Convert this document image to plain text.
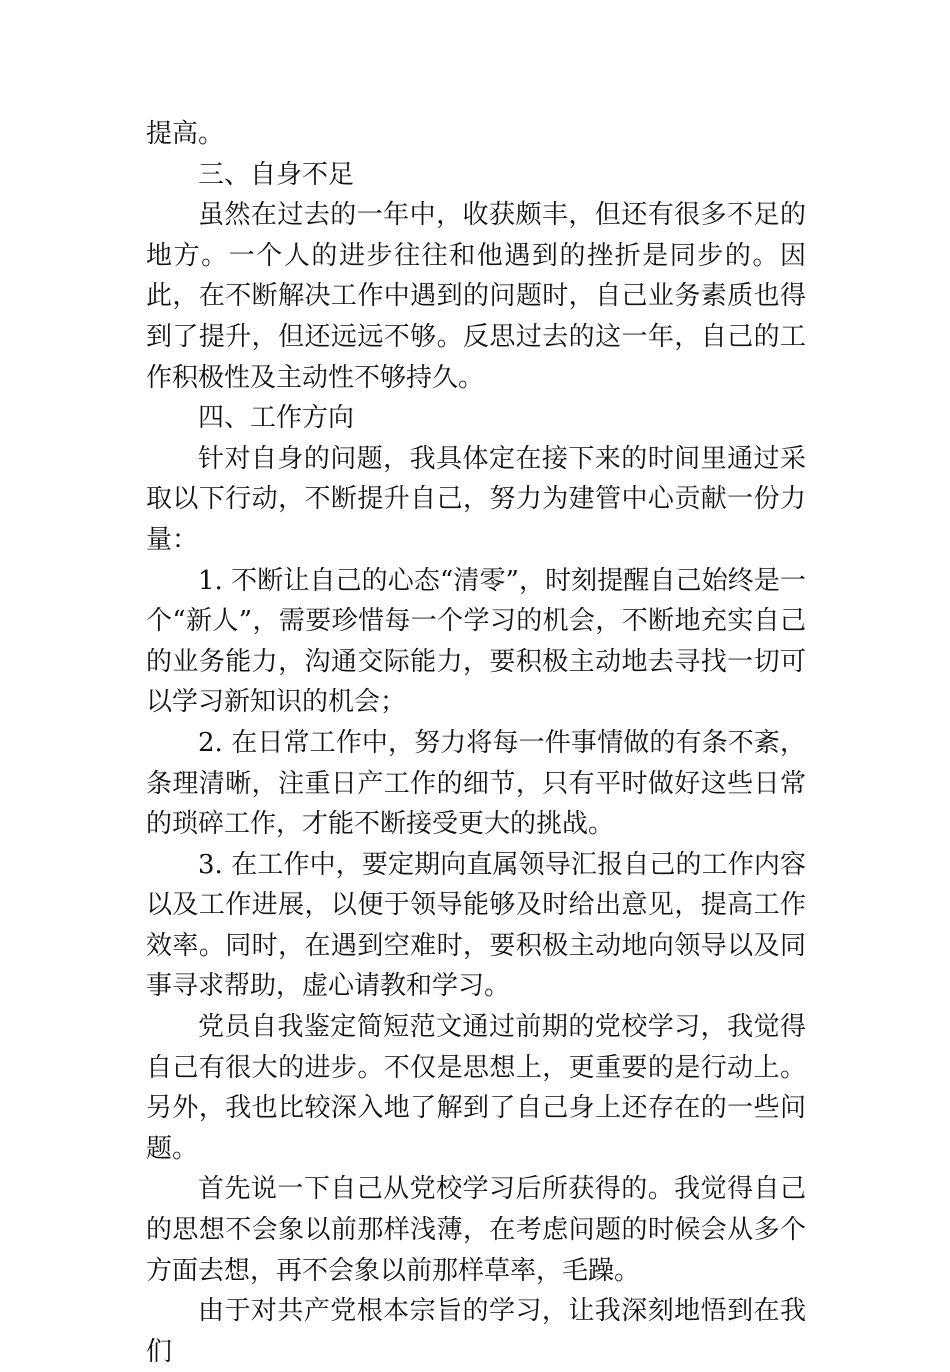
提高。

三、自身不足

虽然在过去的一年中，收获颇丰，但还有很多不足的地方。一个人的进步往往和他遇到的挫折是同步的。因此，在不断解决工作中遇到的问题时，自己业务素质也得到了提升，但还远远不够。反思过去的这一年，自己的工作积极性及主动性不够持久。

四、工作方向

针对自身的问题，我具体定在接下来的时间里通过采取以下行动，不断提升自己，努力为建管中心贡献一份力量：

1. 不断让自己的心态“清零”，时刻提醒自己始终是一个“新人”，需要珍惜每一个学习的机会，不断地充实自己的业务能力，沟通交际能力，要积极主动地去寻找一切可以学习新知识的机会；

2. 在日常工作中，努力将每一件事情做的有条不紊，条理清晰，注重日产工作的细节，只有平时做好这些日常的琐碎工作，才能不断接受更大的挑战。

3. 在工作中，要定期向直属领导汇报自己的工作内容以及工作进展，以便于领导能够及时给出意见，提高工作效率。同时，在遇到空难时，要积极主动地向领导以及同事寻求帮助，虚心请教和学习。

党员自我鉴定简短范文通过前期的党校学习，我觉得自己有很大的进步。不仅是思想上，更重要的是行动上。另外，我也比较深入地了解到了自己身上还存在的一些问题。

首先说一下自己从党校学习后所获得的。我觉得自己的思想不会象以前那样浅薄，在考虑问题的时候会从多个方面去想，再不会象以前那样草率，毛躁。

由于对共产党根本宗旨的学习，让我深刻地悟到在我们
